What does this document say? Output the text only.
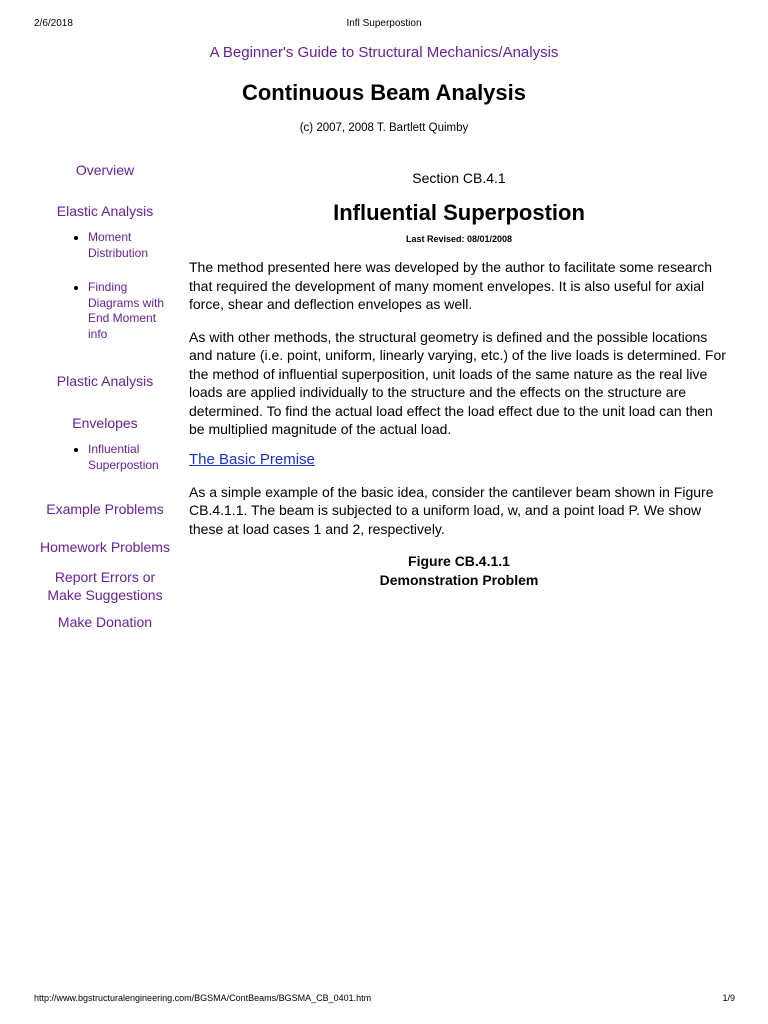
2/6/2018	Infl Superpostion
A Beginner's Guide to Structural Mechanics/Analysis
Continuous Beam Analysis
(c) 2007, 2008 T. Bartlett Quimby
Overview
Elastic Analysis
Moment Distribution
Finding Diagrams with End Moment info
Plastic Analysis
Envelopes
Influential Superpostion
Example Problems
Homework Problems
Report Errors or Make Suggestions
Make Donation
Section CB.4.1
Influential Superpostion
Last Revised: 08/01/2008

The method presented here was developed by the author to facilitate some research that required the development of many moment envelopes. It is also useful for axial force, shear and deflection envelopes as well.

As with other methods, the structural geometry is defined and the possible locations and nature (i.e. point, uniform, linearly varying, etc.) of the live loads is determined. For the method of influential superposition, unit loads of the same nature as the real live loads are applied individually to the structure and the effects on the structure are determined. To find the actual load effect the load effect due to the unit load can then be multiplied magnitude of the actual load.

The Basic Premise

As a simple example of the basic idea, consider the cantilever beam shown in Figure CB.4.1.1. The beam is subjected to a uniform load, w, and a point load P. We show these at load cases 1 and 2, respectively.

Figure CB.4.1.1
Demonstration Problem
http://www.bgstructuralengineering.com/BGSMA/ContBeams/BGSMA_CB_0401.htm	1/9
